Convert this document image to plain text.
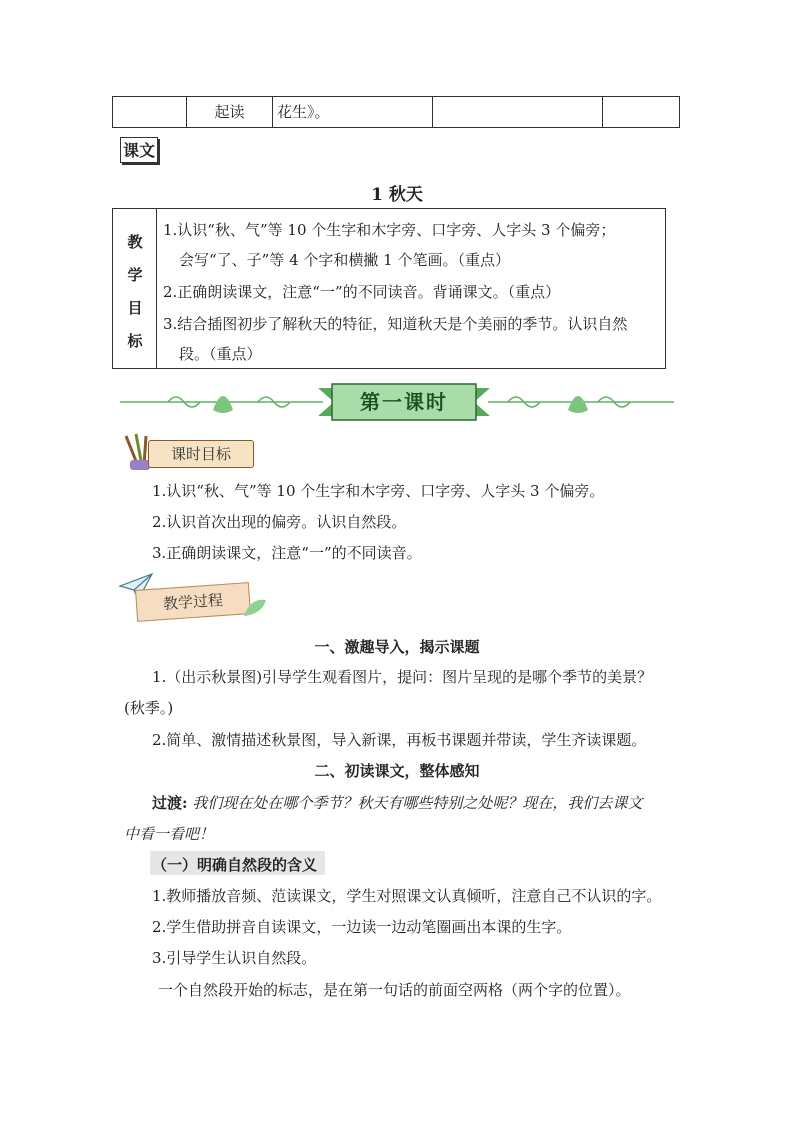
起读	花生》。
课文
1 秋天
教
学
目
标
1.认识“秋、气”等 10 个生字和木字旁、口字旁、人字头 3 个偏旁；
会写“了、子”等 4 个字和横撇 1 个笔画。（重点）
2.正确朗读课文，注意“一”的不同读音。背诵课文。（重点）
3.结合插图初步了解秋天的特征，知道秋天是个美丽的季节。认识自然
段。（重点）
第一课时
课时目标
1.认识“秋、气”等 10 个生字和木字旁、口字旁、人字头 3 个偏旁。
2.认识首次出现的偏旁。认识自然段。
3.正确朗读课文，注意“一”的不同读音。
教学过程
一、激趣导入，揭示课题
1.（出示秋景图)引导学生观看图片，提问：图片呈现的是哪个季节的美景？
(秋季。)
2.简单、激情描述秋景图，导入新课，再板书课题并带读，学生齐读课题。
二、初读课文，整体感知
过渡: 我们现在处在哪个季节？秋天有哪些特别之处呢？现在，我们去课文
中看一看吧！
（一）明确自然段的含义
1.教师播放音频、范读课文，学生对照课文认真倾听，注意自己不认识的字。
2.学生借助拼音自读课文，一边读一边动笔圈画出本课的生字。
3.引导学生认识自然段。
一个自然段开始的标志，是在第一句话的前面空两格（两个字的位置）。
